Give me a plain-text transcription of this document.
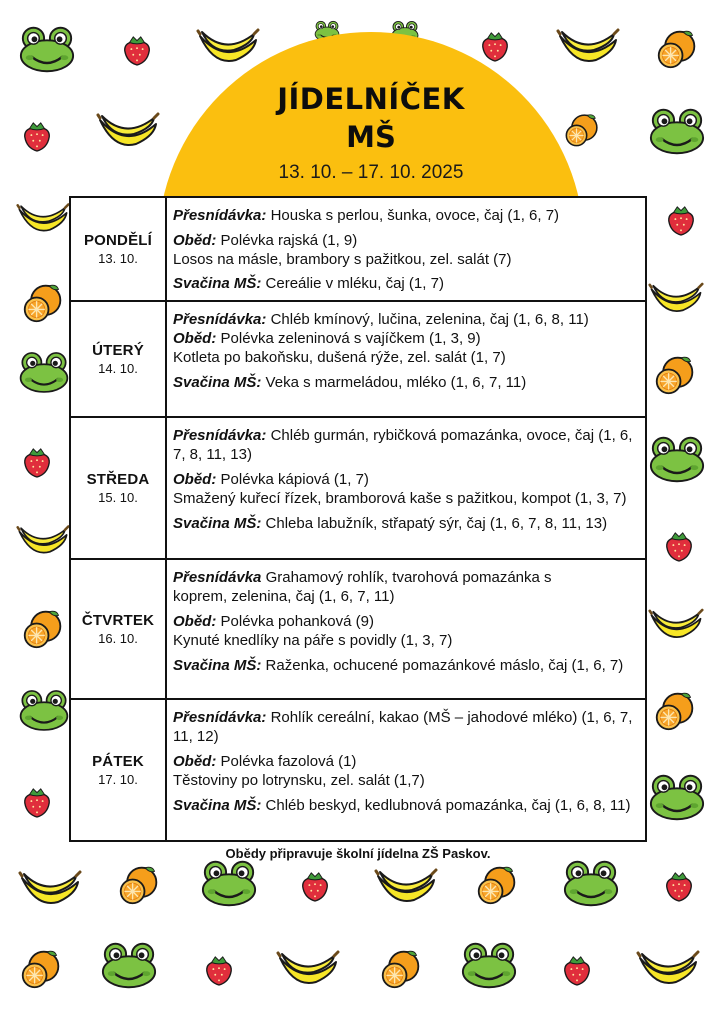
JÍDELNÍČEK
MŠ
13. 10. – 17. 10. 2025
PONDĚLÍ
13. 10.
Přesnídávka: Houska s perlou, šunka, ovoce, čaj (1, 6, 7)
Oběd: Polévka rajská (1, 9)
Losos na másle, brambory s pažitkou, zel. salát (7)
Svačina MŠ: Cereálie v mléku, čaj (1, 7)
ÚTERÝ
14. 10.
Přesnídávka: Chléb kmínový, lučina, zelenina, čaj (1, 6, 8, 11)
Oběd: Polévka zeleninová s vajíčkem (1, 3, 9)
Kotleta po bakoňsku, dušená rýže, zel. salát (1, 7)
Svačina MŠ: Veka s marmeládou, mléko (1, 6, 7, 11)
STŘEDA
15. 10.
Přesnídávka: Chléb gurmán, rybičková pomazánka, ovoce, čaj (1, 6, 7, 8, 11, 13)
Oběd: Polévka kápiová (1, 7)
Smažený kuřecí řízek, bramborová kaše s pažitkou, kompot (1, 3, 7)
Svačina MŠ: Chleba labužník, střapatý sýr, čaj (1, 6, 7, 8, 11, 13)
ČTVRTEK
16. 10.
Přesnídávka Grahamový rohlík, tvarohová pomazánka s koprem, zelenina, čaj (1, 6, 7, 11)
Oběd: Polévka pohanková (9)
Kynuté knedlíky na páře s povidly (1, 3, 7)
Svačina MŠ: Raženka, ochucené pomazánkové máslo, čaj (1, 6, 7)
PÁTEK
17. 10.
Přesnídávka: Rohlík cereální, kakao (MŠ – jahodové mléko) (1, 6, 7, 11, 12)
Oběd: Polévka fazolová (1)
Těstoviny po lotrynsku, zel. salát (1,7)
Svačina MŠ: Chléb beskyd, kedlubnová pomazánka, čaj (1, 6, 8, 11)
Obědy připravuje školní jídelna ZŠ Paskov.
